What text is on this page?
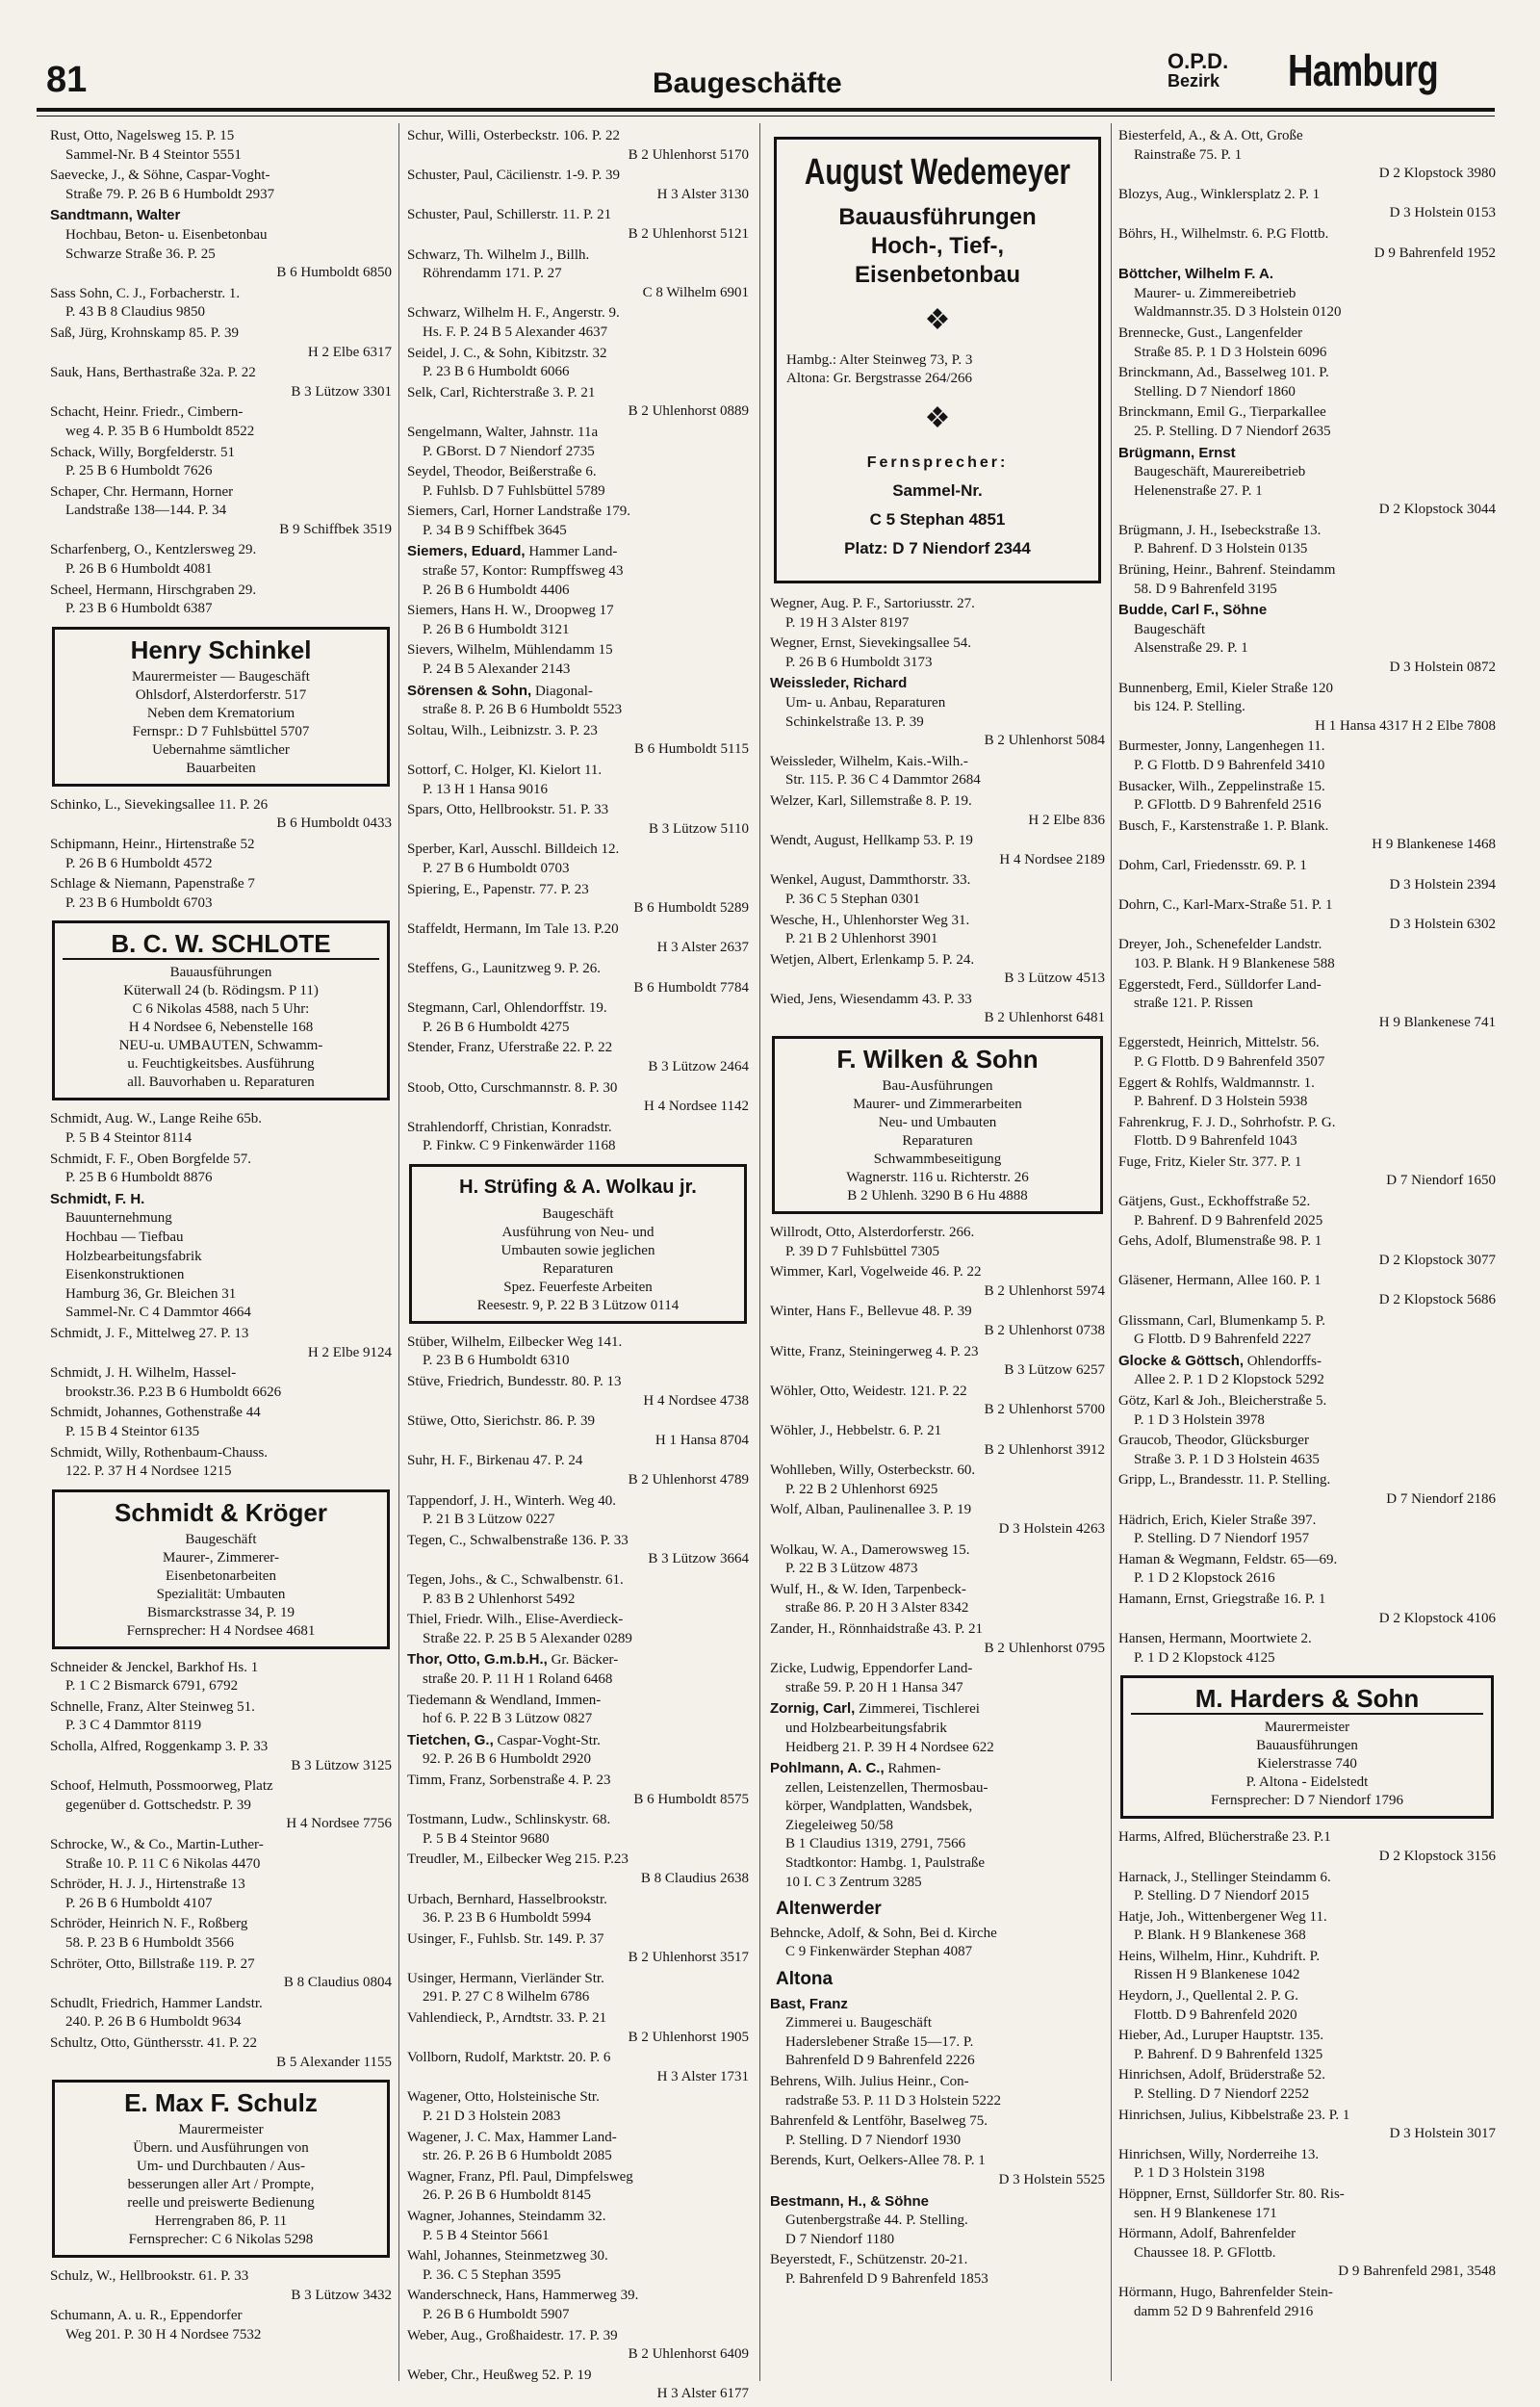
81	Baugeschäfte
O.P.D.
Bezirk Hamburg
Rust, Otto, Nagelsweg 15. P. 15
Sammel-Nr. B 4 Steintor 5551
Saevecke, J., & Söhne, Caspar-Voght-
Straße 79. P. 26 B 6 Humboldt 2937
Sandtmann, Walter
Hochbau, Beton- u. Eisenbetonbau
Schwarze Straße 36. P. 25
B 6 Humboldt 6850
Sass Sohn, C. J., Forbacherstr. 1.
P. 43 B 8 Claudius 9850
Saß, Jürg, Krohnskamp 85. P. 39
H 2 Elbe 6317
Sauk, Hans, Berthastraße 32a. P. 22
B 3 Lützow 3301
Schacht, Heinr. Friedr., Cimbern-
weg 4. P. 35 B 6 Humboldt 8522
Schack, Willy, Borgfelderstr. 51
P. 25 B 6 Humboldt 7626
Schaper, Chr. Hermann, Horner
Landstraße 138—144. P. 34
B 9 Schiffbek 3519
Scharfenberg, O., Kentzlersweg 29.
P. 26 B 6 Humboldt 4081
Scheel, Hermann, Hirschgraben 29.
P. 23 B 6 Humboldt 6387
Henry Schinkel
Maurermeister — Baugeschäft
Ohlsdorf, Alsterdorferstr. 517
Neben dem Krematorium
Fernspr.: D 7 Fuhlsbüttel 5707
Uebernahme sämtlicher
Bauarbeiten
Schinko, L., Sievekingsallee 11. P. 26
B 6 Humboldt 0433
Schipmann, Heinr., Hirtenstraße 52
P. 26 B 6 Humboldt 4572
Schlage & Niemann, Papenstraße 7
P. 23 B 6 Humboldt 6703
B. C. W. SCHLOTE
Bauausführungen
Küterwall 24 (b. Rödingsm. P 11)
C 6 Nikolas 4588, nach 5 Uhr:
H 4 Nordsee 6, Nebenstelle 168
NEU-u. UMBAUTEN, Schwamm-
u. Feuchtigkeitsbes. Ausführung
all. Bauvorhaben u. Reparaturen
Schmidt, Aug. W., Lange Reihe 65b.
P. 5 B 4 Steintor 8114
Schmidt, F. F., Oben Borgfelde 57.
P. 25 B 6 Humboldt 8876
Schmidt, F. H.
Bauunternehmung
Hochbau — Tiefbau
Holzbearbeitungsfabrik
Eisenkonstruktionen
Hamburg 36, Gr. Bleichen 31
Sammel-Nr. C 4 Dammtor 4664
Schmidt, J. F., Mittelweg 27. P. 13
H 2 Elbe 9124
Schmidt, J. H. Wilhelm, Hassel-
brookstr.36. P.23 B 6 Humboldt 6626
Schmidt, Johannes, Gothenstraße 44
P. 15 B 4 Steintor 6135
Schmidt, Willy, Rothenbaum-Chauss.
122. P. 37 H 4 Nordsee 1215
Schmidt & Kröger
Baugeschäft
Maurer-, Zimmerer-
Eisenbetonarbeiten
Spezialität: Umbauten
Bismarckstrasse 34, P. 19
Fernsprecher: H 4 Nordsee 4681
Schneider & Jenckel, Barkhof Hs. 1
P. 1 C 2 Bismarck 6791, 6792
Schnelle, Franz, Alter Steinweg 51.
P. 3 C 4 Dammtor 8119
Scholla, Alfred, Roggenkamp 3. P. 33
B 3 Lützow 3125
Schoof, Helmuth, Possmoorweg, Platz
gegenüber d. Gottschedstr. P. 39
H 4 Nordsee 7756
Schrocke, W., & Co., Martin-Luther-
Straße 10. P. 11 C 6 Nikolas 4470
Schröder, H. J. J., Hirtenstraße 13
P. 26 B 6 Humboldt 4107
Schröder, Heinrich N. F., Roßberg
58. P. 23 B 6 Humboldt 3566
Schröter, Otto, Billstraße 119. P. 27
B 8 Claudius 0804
Schudlt, Friedrich, Hammer Landstr.
240. P. 26 B 6 Humboldt 9634
Schultz, Otto, Günthersstr. 41. P. 22
B 5 Alexander 1155
E. Max F. Schulz
Maurermeister
Übern. und Ausführungen von
Um- und Durchbauten / Aus-
besserungen aller Art / Prompte,
reelle und preiswerte Bedienung
Herrengraben 86, P. 11
Fernsprecher: C 6 Nikolas 5298
Schulz, W., Hellbrookstr. 61. P. 33
B 3 Lützow 3432
Schumann, A. u. R., Eppendorfer
Weg 201. P. 30 H 4 Nordsee 7532
Schur, Willi, Osterbeckstr. 106. P. 22
B 2 Uhlenhorst 5170
Schuster, Paul, Cäcilienstr. 1-9. P. 39
H 3 Alster 3130
Schuster, Paul, Schillerstr. 11. P. 21
B 2 Uhlenhorst 5121
Schwarz, Th. Wilhelm J., Billh.
Röhrendamm 171. P. 27
C 8 Wilhelm 6901
Schwarz, Wilhelm H. F., Angerstr. 9.
Hs. F. P. 24 B 5 Alexander 4637
Seidel, J. C., & Sohn, Kibitzstr. 32
P. 23 B 6 Humboldt 6066
Selk, Carl, Richterstraße 3. P. 21
B 2 Uhlenhorst 0889
Sengelmann, Walter, Jahnstr. 11a
P. GBorst. D 7 Niendorf 2735
Seydel, Theodor, Beißerstraße 6.
P. Fuhlsb. D 7 Fuhlsbüttel 5789
Siemers, Carl, Horner Landstraße 179.
P. 34 B 9 Schiffbek 3645
Siemers, Eduard, Hammer Land-
straße 57, Kontor: Rumpffsweg 43
P. 26 B 6 Humboldt 4406
Siemers, Hans H. W., Droopweg 17
P. 26 B 6 Humboldt 3121
Sievers, Wilhelm, Mühlendamm 15
P. 24 B 5 Alexander 2143
Sörensen & Sohn, Diagonal-
straße 8. P. 26 B 6 Humboldt 5523
Soltau, Wilh., Leibnizstr. 3. P. 23
B 6 Humboldt 5115
Sottorf, C. Holger, Kl. Kielort 11.
P. 13 H 1 Hansa 9016
Spars, Otto, Hellbrookstr. 51. P. 33
B 3 Lützow 5110
Sperber, Karl, Ausschl. Billdeich 12.
P. 27 B 6 Humboldt 0703
Spiering, E., Papenstr. 77. P. 23
B 6 Humboldt 5289
Staffeldt, Hermann, Im Tale 13. P.20
H 3 Alster 2637
Steffens, G., Launitzweg 9. P. 26.
B 6 Humboldt 7784
Stegmann, Carl, Ohlendorffstr. 19.
P. 26 B 6 Humboldt 4275
Stender, Franz, Uferstraße 22. P. 22
B 3 Lützow 2464
Stoob, Otto, Curschmannstr. 8. P. 30
H 4 Nordsee 1142
Strahlendorff, Christian, Konradstr.
P. Finkw. C 9 Finkenwärder 1168
H. Strüfing & A. Wolkau jr.
Baugeschäft
Ausführung von Neu- und
Umbauten sowie jeglichen
Reparaturen
Spez. Feuerfeste Arbeiten
Reesestr. 9, P. 22 B 3 Lützow 0114
Stüber, Wilhelm, Eilbecker Weg 141.
P. 23 B 6 Humboldt 6310
Stüve, Friedrich, Bundesstr. 80. P. 13
H 4 Nordsee 4738
Stüwe, Otto, Sierichstr. 86. P. 39
H 1 Hansa 8704
Suhr, H. F., Birkenau 47. P. 24
B 2 Uhlenhorst 4789
Tappendorf, J. H., Winterh. Weg 40.
P. 21 B 3 Lützow 0227
Tegen, C., Schwalbenstraße 136. P. 33
B 3 Lützow 3664
Tegen, Johs., & C., Schwalbenstr. 61.
P. 83 B 2 Uhlenhorst 5492
Thiel, Friedr. Wilh., Elise-Averdieck-
Straße 22. P. 25 B 5 Alexander 0289
Thor, Otto, G.m.b.H., Gr. Bäcker-
straße 20. P. 11 H 1 Roland 6468
Tiedemann & Wendland, Immen-
hof 6. P. 22 B 3 Lützow 0827
Tietchen, G., Caspar-Voght-Str.
92. P. 26 B 6 Humboldt 2920
Timm, Franz, Sorbenstraße 4. P. 23
B 6 Humboldt 8575
Tostmann, Ludw., Schlinskystr. 68.
P. 5 B 4 Steintor 9680
Treudler, M., Eilbecker Weg 215. P.23
B 8 Claudius 2638
Urbach, Bernhard, Hasselbrookstr.
36. P. 23 B 6 Humboldt 5994
Usinger, F., Fuhlsb. Str. 149. P. 37
B 2 Uhlenhorst 3517
Usinger, Hermann, Vierländer Str.
291. P. 27 C 8 Wilhelm 6786
Vahlendieck, P., Arndtstr. 33. P. 21
B 2 Uhlenhorst 1905
Vollborn, Rudolf, Marktstr. 20. P. 6
H 3 Alster 1731
Wagener, Otto, Holsteinische Str.
P. 21 D 3 Holstein 2083
Wagener, J. C. Max, Hammer Land-
str. 26. P. 26 B 6 Humboldt 2085
Wagner, Franz, Pfl. Paul, Dimpfelsweg
26. P. 26 B 6 Humboldt 8145
Wagner, Johannes, Steindamm 32.
P. 5 B 4 Steintor 5661
Wahl, Johannes, Steinmetzweg 30.
P. 36. C 5 Stephan 3595
Wanderschneck, Hans, Hammerweg 39.
P. 26 B 6 Humboldt 5907
Weber, Aug., Großhaidestr. 17. P. 39
B 2 Uhlenhorst 6409
Weber, Chr., Heußweg 52. P. 19
H 3 Alster 6177
August Wedemeyer
Bauausführungen
Hoch-, Tief-,
Eisenbetonbau
❖
Hambg.: Alter Steinweg 73, P. 3
Altona: Gr. Bergstrasse 264/266
❖
Fernsprecher:
Sammel-Nr.
C 5 Stephan 4851
Platz: D 7 Niendorf 2344
Wegner, Aug. P. F., Sartoriusstr. 27.
P. 19 H 3 Alster 8197
Wegner, Ernst, Sievekingsallee 54.
P. 26 B 6 Humboldt 3173
Weissleder, Richard
Um- u. Anbau, Reparaturen
Schinkelstraße 13. P. 39
B 2 Uhlenhorst 5084
Weissleder, Wilhelm, Kais.-Wilh.-
Str. 115. P. 36 C 4 Dammtor 2684
Welzer, Karl, Sillemstraße 8. P. 19.
H 2 Elbe 836
Wendt, August, Hellkamp 53. P. 19
H 4 Nordsee 2189
Wenkel, August, Dammthorstr. 33.
P. 36 C 5 Stephan 0301
Wesche, H., Uhlenhorster Weg 31.
P. 21 B 2 Uhlenhorst 3901
Wetjen, Albert, Erlenkamp 5. P. 24.
B 3 Lützow 4513
Wied, Jens, Wiesendamm 43. P. 33
B 2 Uhlenhorst 6481
F. Wilken & Sohn
Bau-Ausführungen
Maurer- und Zimmerarbeiten
Neu- und Umbauten
Reparaturen
Schwammbeseitigung
Wagnerstr. 116 u. Richterstr. 26
B 2 Uhlenh. 3290 B 6 Hu 4888
Willrodt, Otto, Alsterdorferstr. 266.
P. 39 D 7 Fuhlsbüttel 7305
Wimmer, Karl, Vogelweide 46. P. 22
B 2 Uhlenhorst 5974
Winter, Hans F., Bellevue 48. P. 39
B 2 Uhlenhorst 0738
Witte, Franz, Steiningerweg 4. P. 23
B 3 Lützow 6257
Wöhler, Otto, Weidestr. 121. P. 22
B 2 Uhlenhorst 5700
Wöhler, J., Hebbelstr. 6. P. 21
B 2 Uhlenhorst 3912
Wohlleben, Willy, Osterbeckstr. 60.
P. 22 B 2 Uhlenhorst 6925
Wolf, Alban, Paulinenallee 3. P. 19
D 3 Holstein 4263
Wolkau, W. A., Damerowsweg 15.
P. 22 B 3 Lützow 4873
Wulf, H., & W. Iden, Tarpenbeck-
straße 86. P. 20 H 3 Alster 8342
Zander, H., Rönnhaidstraße 43. P. 21
B 2 Uhlenhorst 0795
Zicke, Ludwig, Eppendorfer Land-
straße 59. P. 20 H 1 Hansa 347
Zornig, Carl, Zimmerei, Tischlerei
und Holzbearbeitungsfabrik
Heidberg 21. P. 39 H 4 Nordsee 622
Pohlmann, A. C., Rahmen-
zellen, Leistenzellen, Thermosbau-
körper, Wandplatten, Wandsbek,
Ziegeleiweg 50/58
B 1 Claudius 1319, 2791, 7566
Stadtkontor: Hambg. 1, Paulstraße
10 I. C 3 Zentrum 3285
Altenwerder
Behncke, Adolf, & Sohn, Bei d. Kirche
C 9 Finkenwärder Stephan 4087
Altona
Bast, Franz
Zimmerei u. Baugeschäft
Haderslebener Straße 15—17. P.
Bahrenfeld D 9 Bahrenfeld 2226
Behrens, Wilh. Julius Heinr., Con-
radstraße 53. P. 11 D 3 Holstein 5222
Bahrenfeld & Lentföhr, Baselweg 75.
P. Stelling. D 7 Niendorf 1930
Berends, Kurt, Oelkers-Allee 78. P. 1
D 3 Holstein 5525
Bestmann, H., & Söhne
Gutenbergstraße 44. P. Stelling.
D 7 Niendorf 1180
Beyerstedt, F., Schützenstr. 20-21.
P. Bahrenfeld D 9 Bahrenfeld 1853
Biesterfeld, A., & A. Ott, Große
Rainstraße 75. P. 1
D 2 Klopstock 3980
Blozys, Aug., Winklersplatz 2. P. 1
D 3 Holstein 0153
Böhrs, H., Wilhelmstr. 6. P.G Flottb.
D 9 Bahrenfeld 1952
Böttcher, Wilhelm F. A.
Maurer- u. Zimmereibetrieb
Waldmannstr.35. D 3 Holstein 0120
Brennecke, Gust., Langenfelder
Straße 85. P. 1 D 3 Holstein 6096
Brinckmann, Ad., Basselweg 101. P.
Stelling. D 7 Niendorf 1860
Brinckmann, Emil G., Tierparkallee
25. P. Stelling. D 7 Niendorf 2635
Brügmann, Ernst
Baugeschäft, Maurereibetrieb
Helenenstraße 27. P. 1
D 2 Klopstock 3044
Brügmann, J. H., Isebeckstraße 13.
P. Bahrenf. D 3 Holstein 0135
Brüning, Heinr., Bahrenf. Steindamm
58. D 9 Bahrenfeld 3195
Budde, Carl F., Söhne
Baugeschäft
Alsenstraße 29. P. 1
D 3 Holstein 0872
Bunnenberg, Emil, Kieler Straße 120
bis 124. P. Stelling.
H 1 Hansa 4317 H 2 Elbe 7808
Burmester, Jonny, Langenhegen 11.
P. G Flottb. D 9 Bahrenfeld 3410
Busacker, Wilh., Zeppelinstraße 15.
P. GFlottb. D 9 Bahrenfeld 2516
Busch, F., Karstenstraße 1. P. Blank.
H 9 Blankenese 1468
Dohm, Carl, Friedensstr. 69. P. 1
D 3 Holstein 2394
Dohrn, C., Karl-Marx-Straße 51. P. 1
D 3 Holstein 6302
Dreyer, Joh., Schenefelder Landstr.
103. P. Blank. H 9 Blankenese 588
Eggerstedt, Ferd., Sülldorfer Land-
straße 121. P. Rissen
H 9 Blankenese 741
Eggerstedt, Heinrich, Mittelstr. 56.
P. G Flottb. D 9 Bahrenfeld 3507
Eggert & Rohlfs, Waldmannstr. 1.
P. Bahrenf. D 3 Holstein 5938
Fahrenkrug, F. J. D., Sohrhofstr. P. G.
Flottb. D 9 Bahrenfeld 1043
Fuge, Fritz, Kieler Str. 377. P. 1
D 7 Niendorf 1650
Gätjens, Gust., Eckhoffstraße 52.
P. Bahrenf. D 9 Bahrenfeld 2025
Gehs, Adolf, Blumenstraße 98. P. 1
D 2 Klopstock 3077
Gläsener, Hermann, Allee 160. P. 1
D 2 Klopstock 5686
Glissmann, Carl, Blumenkamp 5. P.
G Flottb. D 9 Bahrenfeld 2227
Glocke & Göttsch, Ohlendorffs-
Allee 2. P. 1 D 2 Klopstock 5292
Götz, Karl & Joh., Bleicherstraße 5.
P. 1 D 3 Holstein 3978
Graucob, Theodor, Glücksburger
Straße 3. P. 1 D 3 Holstein 4635
Gripp, L., Brandesstr. 11. P. Stelling.
D 7 Niendorf 2186
Hädrich, Erich, Kieler Straße 397.
P. Stelling. D 7 Niendorf 1957
Haman & Wegmann, Feldstr. 65—69.
P. 1 D 2 Klopstock 2616
Hamann, Ernst, Griegstraße 16. P. 1
D 2 Klopstock 4106
Hansen, Hermann, Moortwiete 2.
P. 1 D 2 Klopstock 4125
M. Harders & Sohn
Maurermeister
Bauausführungen
Kielerstrasse 740
P. Altona - Eidelstedt
Fernsprecher: D 7 Niendorf 1796
Harms, Alfred, Blücherstraße 23. P.1
D 2 Klopstock 3156
Harnack, J., Stellinger Steindamm 6.
P. Stelling. D 7 Niendorf 2015
Hatje, Joh., Wittenbergener Weg 11.
P. Blank. H 9 Blankenese 368
Heins, Wilhelm, Hinr., Kuhdrift. P.
Rissen H 9 Blankenese 1042
Heydorn, J., Quellental 2. P. G.
Flottb. D 9 Bahrenfeld 2020
Hieber, Ad., Luruper Hauptstr. 135.
P. Bahrenf. D 9 Bahrenfeld 1325
Hinrichsen, Adolf, Brüderstraße 52.
P. Stelling. D 7 Niendorf 2252
Hinrichsen, Julius, Kibbelstraße 23. P. 1
D 3 Holstein 3017
Hinrichsen, Willy, Norderreihe 13.
P. 1 D 3 Holstein 3198
Höppner, Ernst, Sülldorfer Str. 80. Ris-
sen. H 9 Blankenese 171
Hörmann, Adolf, Bahrenfelder
Chaussee 18. P. GFlottb.
D 9 Bahrenfeld 2981, 3548
Hörmann, Hugo, Bahrenfelder Stein-
damm 52 D 9 Bahrenfeld 2916
